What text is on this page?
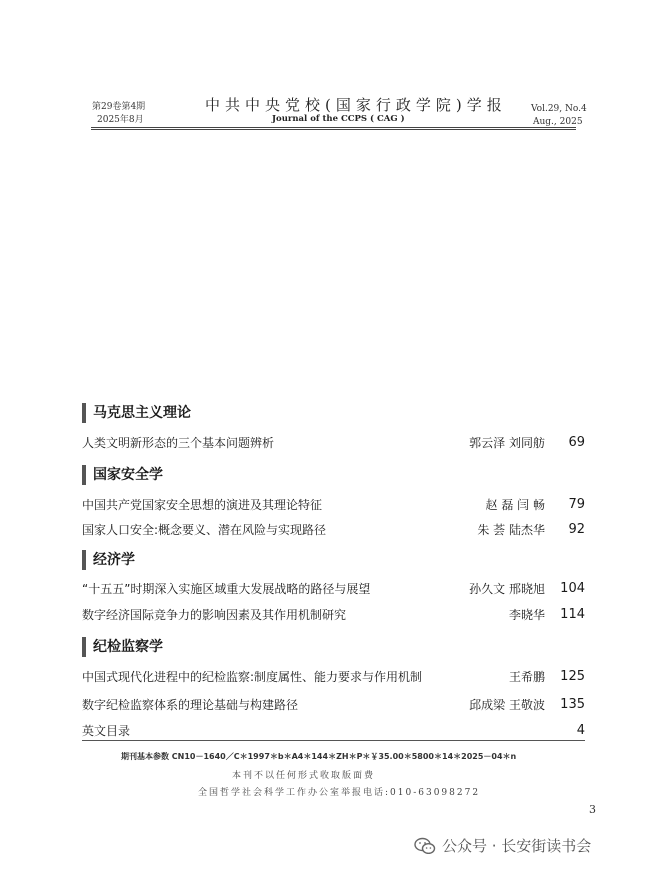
第29卷第4期
2025年8月
中共中央党校(国家行政学院)学报
Journal of the CCPS ( CAG )
Vol.29, No.4
Aug., 2025
马克思主义理论
人类文明新形态的三个基本问题辨析	郭云泽 刘同舫 69
国家安全学
中国共产党国家安全思想的演进及其理论特征	赵 磊 闫 畅 79
国家人口安全:概念要义、潜在风险与实现路径	朱 荟 陆杰华 92
经济学
“十五五”时期深入实施区域重大发展战略的路径与展望	孙久文 邢晓旭 104
数字经济国际竞争力的影响因素及其作用机制研究	李晓华 114
纪检监察学
中国式现代化进程中的纪检监察:制度属性、能力要求与作用机制	王希鹏 125
数字纪检监察体系的理论基础与构建路径	邱成梁 王敬波 135
英文目录	4
期刊基本参数 CN10－1640／C＊1997＊b＊A4＊144＊ZH＊P＊￥35.00＊5800＊14＊2025－04＊n
本刊不以任何形式收取版面费
全国哲学社会科学工作办公室举报电话:010-63098272
3
公众号 · 长安街读书会
